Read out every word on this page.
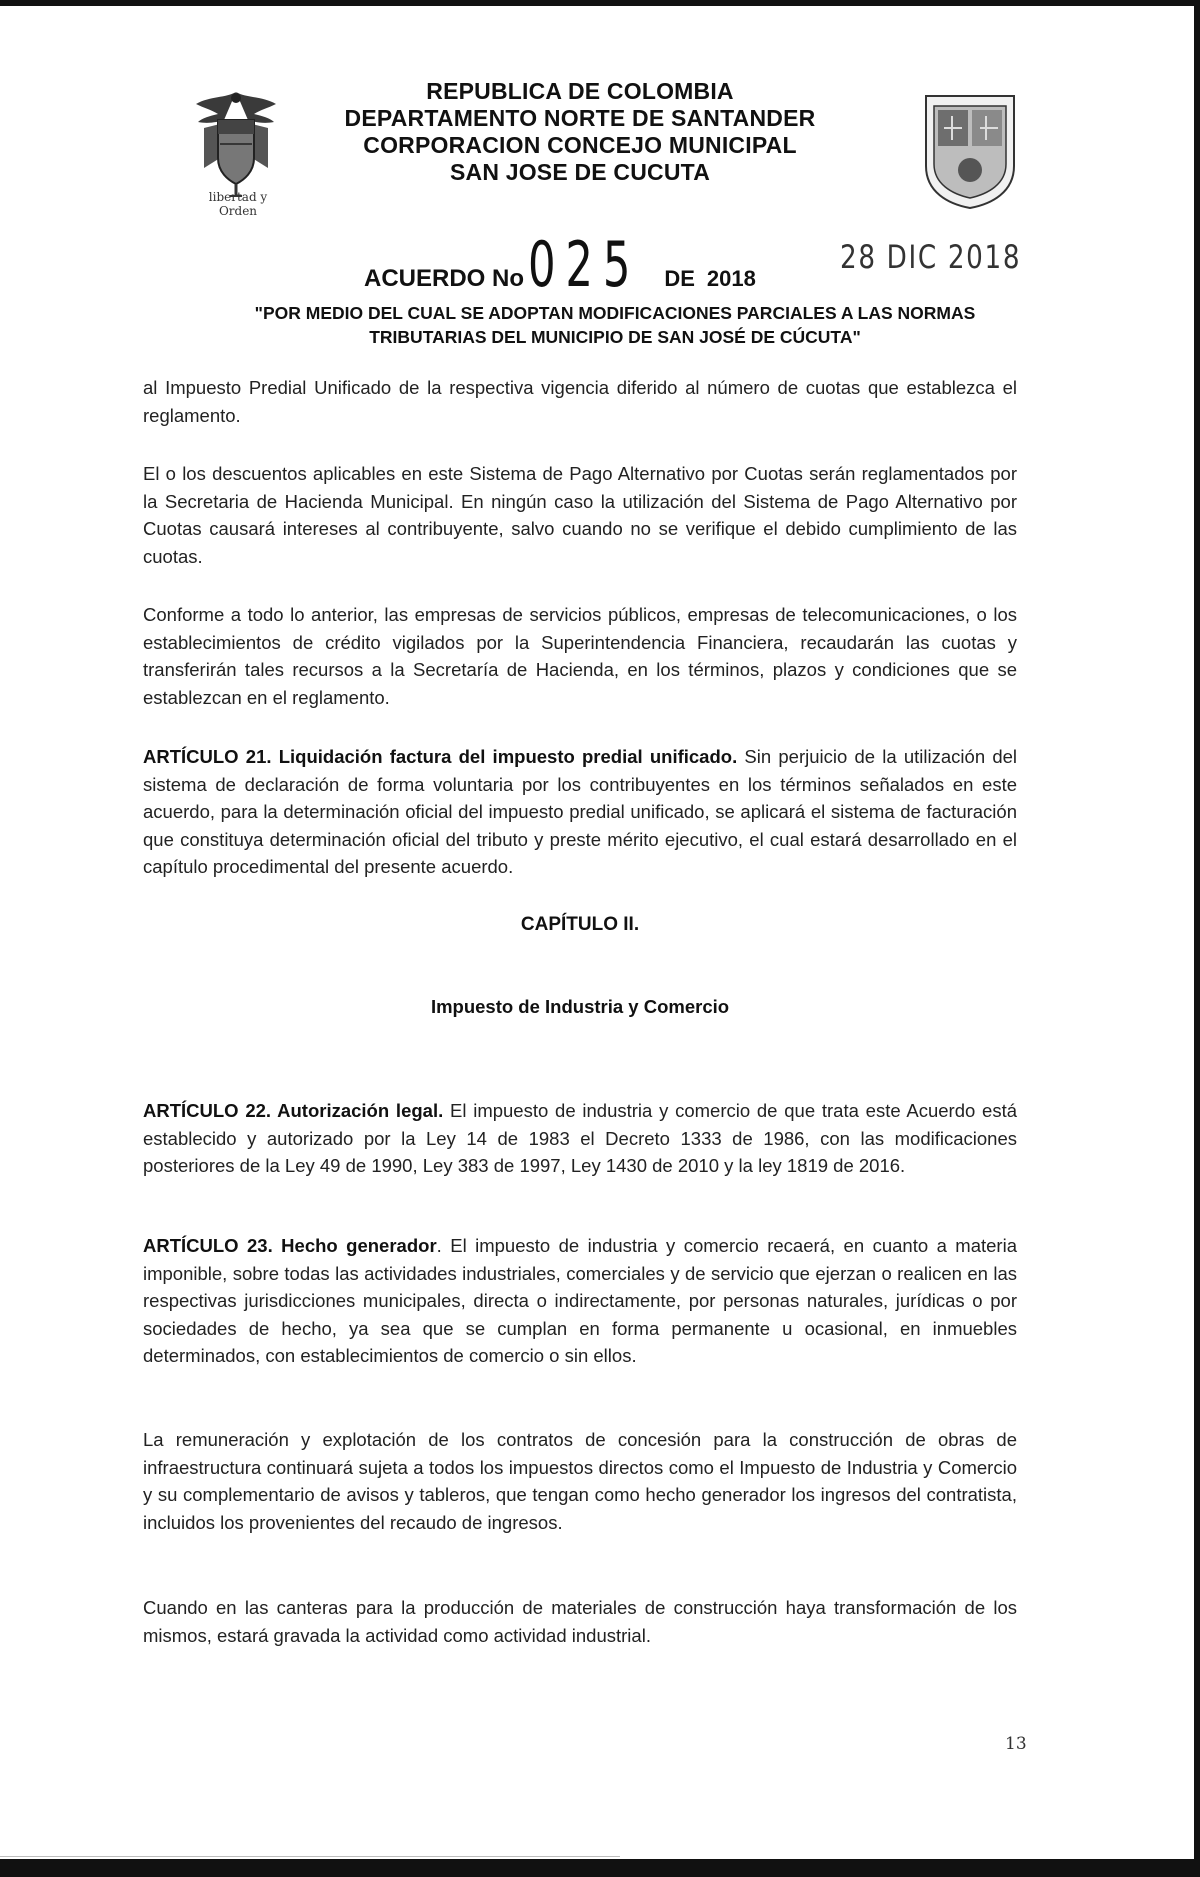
libertad y Orden
REPUBLICA DE COLOMBIA
DEPARTAMENTO NORTE DE SANTANDER
CORPORACION CONCEJO MUNICIPAL
SAN JOSE DE CUCUTA
ACUERDO No 025 DE 2018
28 DIC 2018
"POR MEDIO DEL CUAL SE ADOPTAN MODIFICACIONES PARCIALES A LAS NORMAS
TRIBUTARIAS DEL MUNICIPIO DE SAN JOSÉ DE CÚCUTA"
al Impuesto Predial Unificado de la respectiva vigencia diferido al número de cuotas que establezca el reglamento.
El o los descuentos aplicables en este Sistema de Pago Alternativo por Cuotas serán reglamentados por la Secretaria de Hacienda Municipal. En ningún caso la utilización del Sistema de Pago Alternativo por Cuotas causará intereses al contribuyente, salvo cuando no se verifique el debido cumplimiento de las cuotas.
Conforme a todo lo anterior, las empresas de servicios públicos, empresas de telecomunicaciones, o los establecimientos de crédito vigilados por la Superintendencia Financiera, recaudarán las cuotas y transferirán tales recursos a la Secretaría de Hacienda, en los términos, plazos y condiciones que se establezcan en el reglamento.
ARTÍCULO 21. Liquidación factura del impuesto predial unificado. Sin perjuicio de la utilización del sistema de declaración de forma voluntaria por los contribuyentes en los términos señalados en este acuerdo, para la determinación oficial del impuesto predial unificado, se aplicará el sistema de facturación que constituya determinación oficial del tributo y preste mérito ejecutivo, el cual estará desarrollado en el capítulo procedimental del presente acuerdo.
CAPÍTULO II.
Impuesto de Industria y Comercio
ARTÍCULO 22. Autorización legal. El impuesto de industria y comercio de que trata este Acuerdo está establecido y autorizado por la Ley 14 de 1983 el Decreto 1333 de 1986, con las modificaciones posteriores de la Ley 49 de 1990, Ley 383 de 1997, Ley 1430 de 2010 y la ley 1819 de 2016.
ARTÍCULO 23. Hecho generador. El impuesto de industria y comercio recaerá, en cuanto a materia imponible, sobre todas las actividades industriales, comerciales y de servicio que ejerzan o realicen en las respectivas jurisdicciones municipales, directa o indirectamente, por personas naturales, jurídicas o por sociedades de hecho, ya sea que se cumplan en forma permanente u ocasional, en inmuebles determinados, con establecimientos de comercio o sin ellos.
La remuneración y explotación de los contratos de concesión para la construcción de obras de infraestructura continuará sujeta a todos los impuestos directos como el Impuesto de Industria y Comercio y su complementario de avisos y tableros, que tengan como hecho generador los ingresos del contratista, incluidos los provenientes del recaudo de ingresos.
Cuando en las canteras para la producción de materiales de construcción haya transformación de los mismos, estará gravada la actividad como actividad industrial.
13
